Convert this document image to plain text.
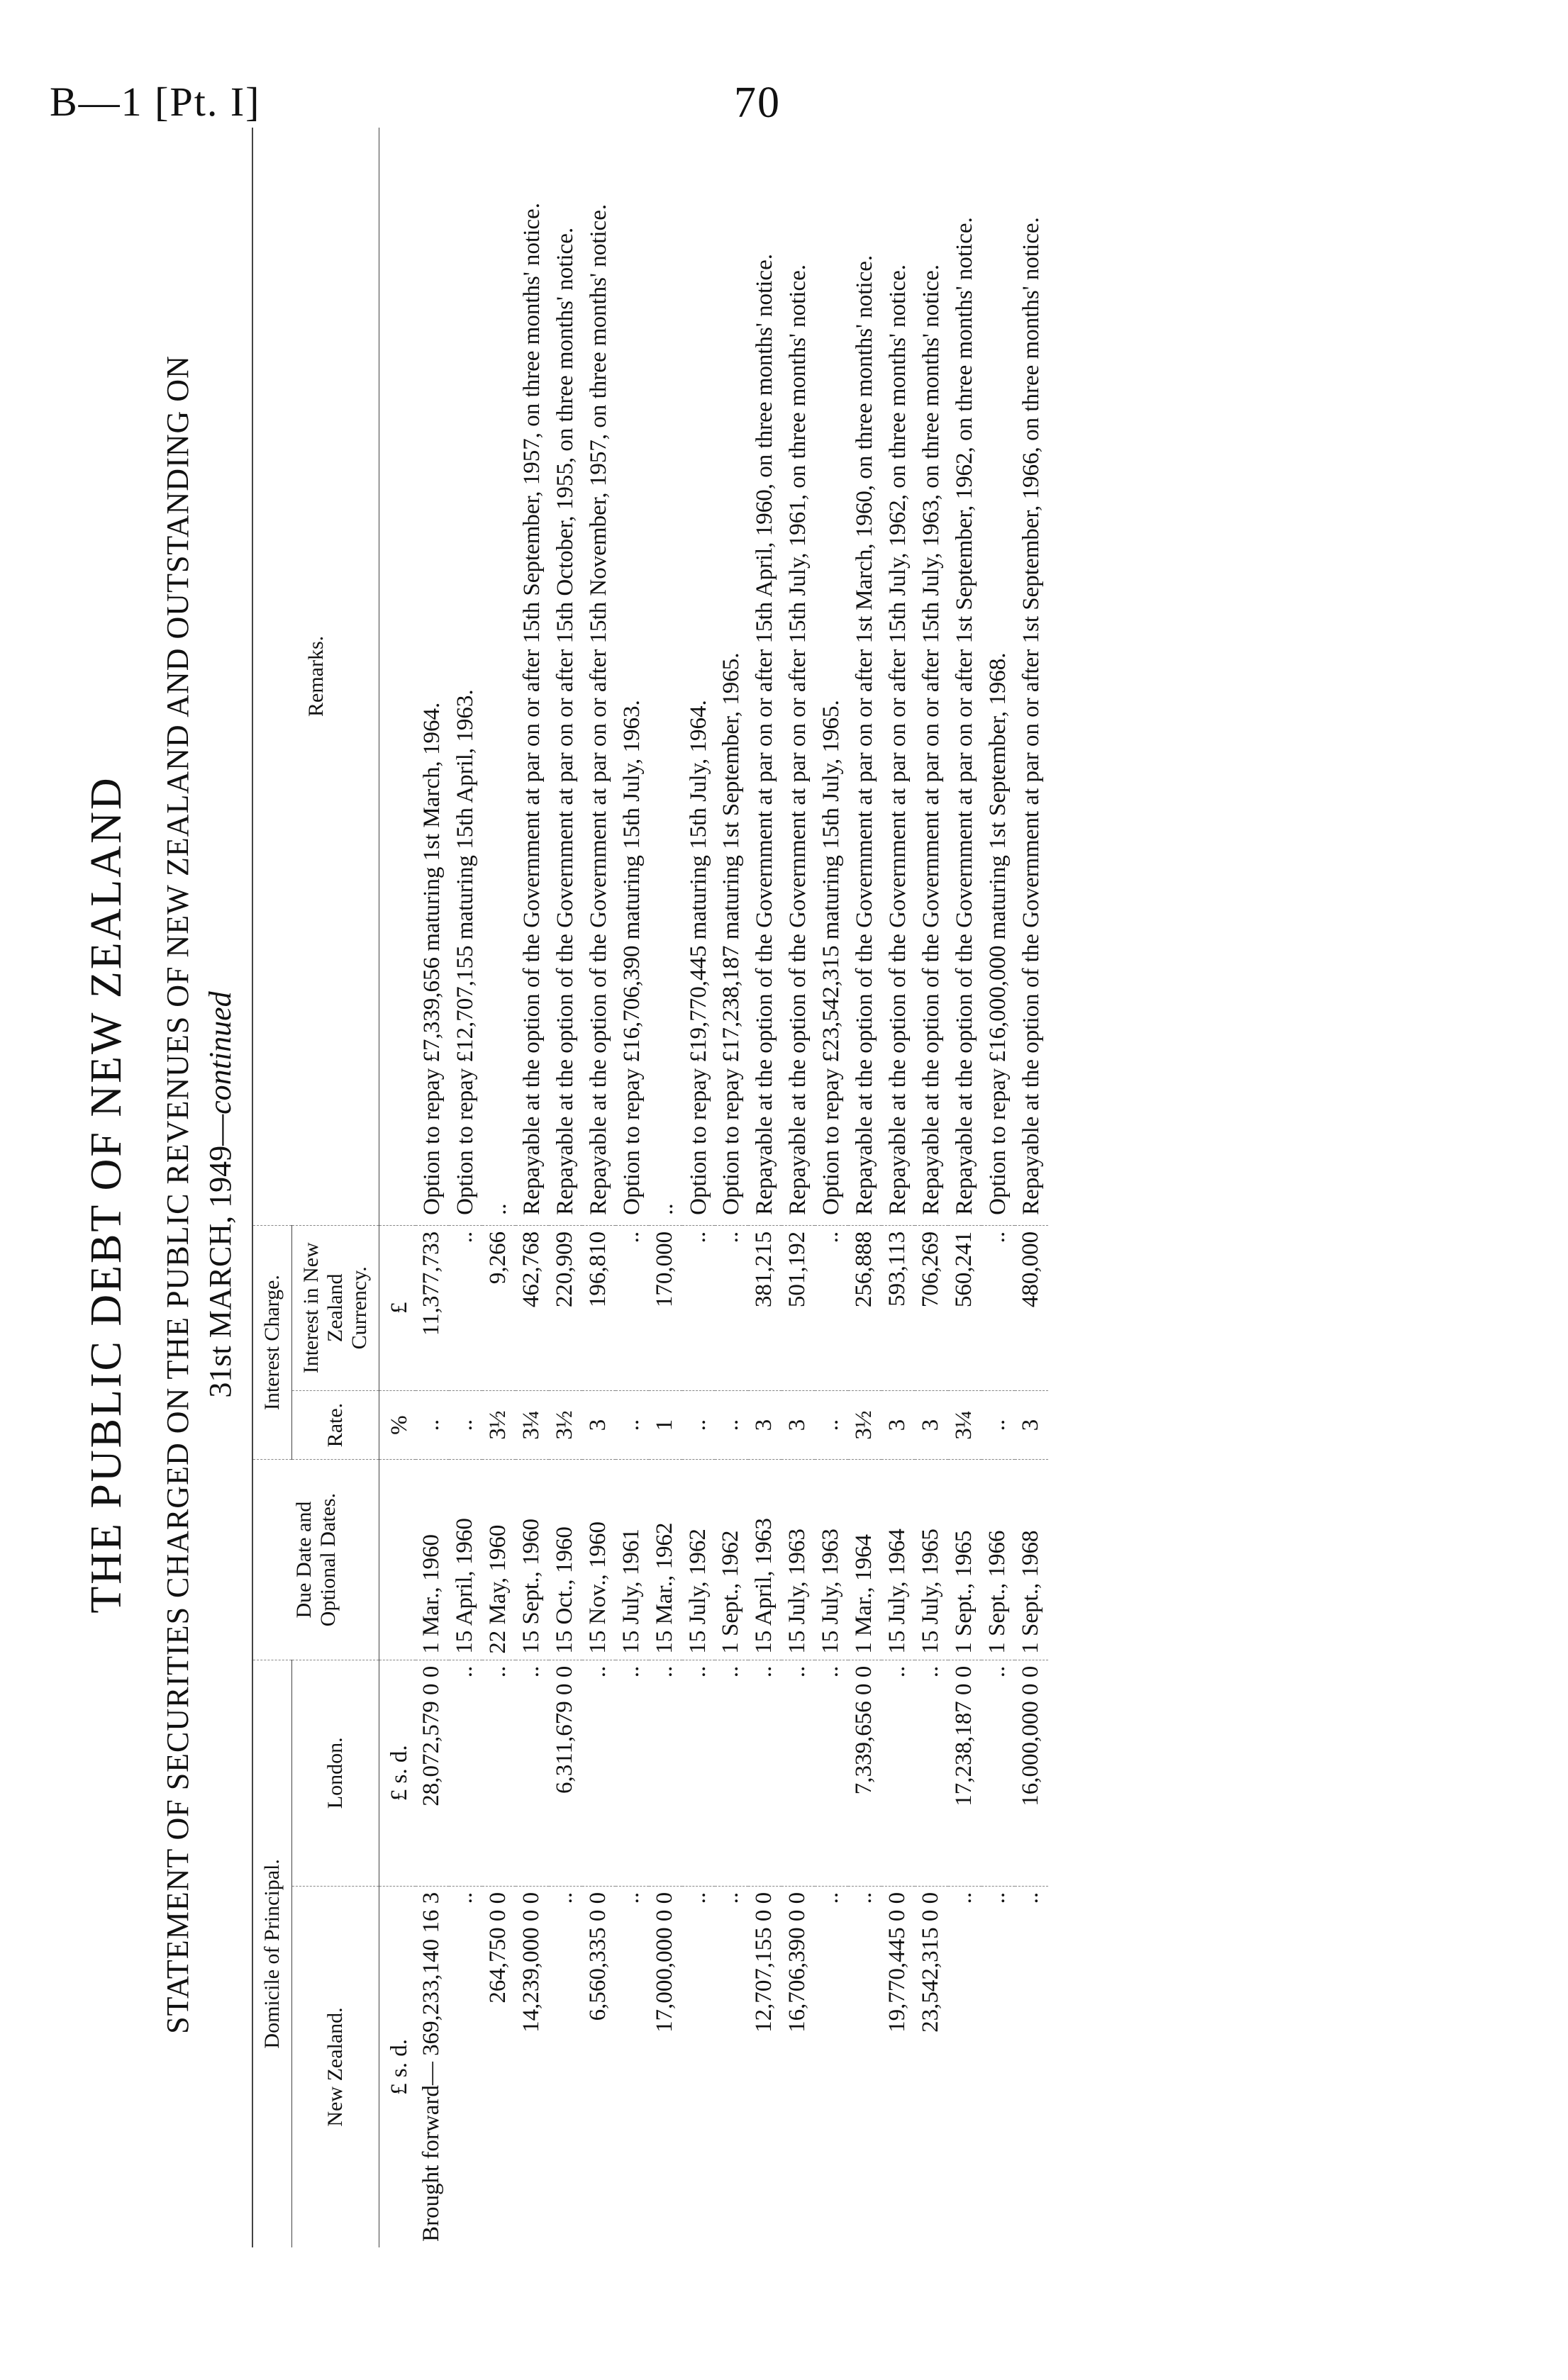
B—1 [Pt. I]	70
THE PUBLIC DEBT OF NEW ZEALAND STATEMENT OF SECURITIES CHARGED ON THE PUBLIC REVENUES OF NEW ZEALAND AND OUTSTANDING ON 31st MARCH, 1949—continued
Domicile of Principal.		Due Date and Optional Dates.	Interest Charge.		Remarks.
New Zealand.	London.		Rate.	Interest in New Zealand Currency.	
£ s. d.	£ s. d.		%	£	
Brought forward— 369,233,140 16 3	28,072,579 0 0	1 Mar., 1960	..	11,377,733	Option to repay £7,339,656 maturing 1st March, 1964.
..	..	15 April, 1960	..	..	Option to repay £12,707,155 maturing 15th April, 1963.
264,750 0 0	..	22 May, 1960	3½	9,266	..
14,239,000 0 0	..	15 Sept., 1960	3¼	462,768	Repayable at the option of the Government at par on or after 15th September, 1957, on three months' notice.
..	6,311,679 0 0	15 Oct., 1960	3½	220,909	Repayable at the option of the Government at par on or after 15th October, 1955, on three months' notice.
6,560,335 0 0	..	15 Nov., 1960	3	196,810	Repayable at the option of the Government at par on or after 15th November, 1957, on three months' notice.
..	..	15 July, 1961	..	..	Option to repay £16,706,390 maturing 15th July, 1963.
17,000,000 0 0	..	15 Mar., 1962	1	170,000	..
..	..	15 July, 1962	..	..	Option to repay £19,770,445 maturing 15th July, 1964.
..	..	1 Sept., 1962	..	..	Option to repay £17,238,187 maturing 1st September, 1965.
12,707,155 0 0	..	15 April, 1963	3	381,215	Repayable at the option of the Government at par on or after 15th April, 1960, on three months' notice.
16,706,390 0 0	..	15 July, 1963	3	501,192	Repayable at the option of the Government at par on or after 15th July, 1961, on three months' notice.
..	..	15 July, 1963	..	..	Option to repay £23,542,315 maturing 15th July, 1965.
..	7,339,656 0 0	1 Mar., 1964	3½	256,888	Repayable at the option of the Government at par on or after 1st March, 1960, on three months' notice.
19,770,445 0 0	..	15 July, 1964	3	593,113	Repayable at the option of the Government at par on or after 15th July, 1962, on three months' notice.
23,542,315 0 0	..	15 July, 1965	3	706,269	Repayable at the option of the Government at par on or after 15th July, 1963, on three months' notice.
..	17,238,187 0 0	1 Sept., 1965	3¼	560,241	Repayable at the option of the Government at par on or after 1st September, 1962, on three months' notice.
..	..	1 Sept., 1966	..	..	Option to repay £16,000,000 maturing 1st September, 1968.
..	16,000,000 0 0	1 Sept., 1968	3	480,000	Repayable at the option of the Government at par on or after 1st September, 1966, on three months' notice.
